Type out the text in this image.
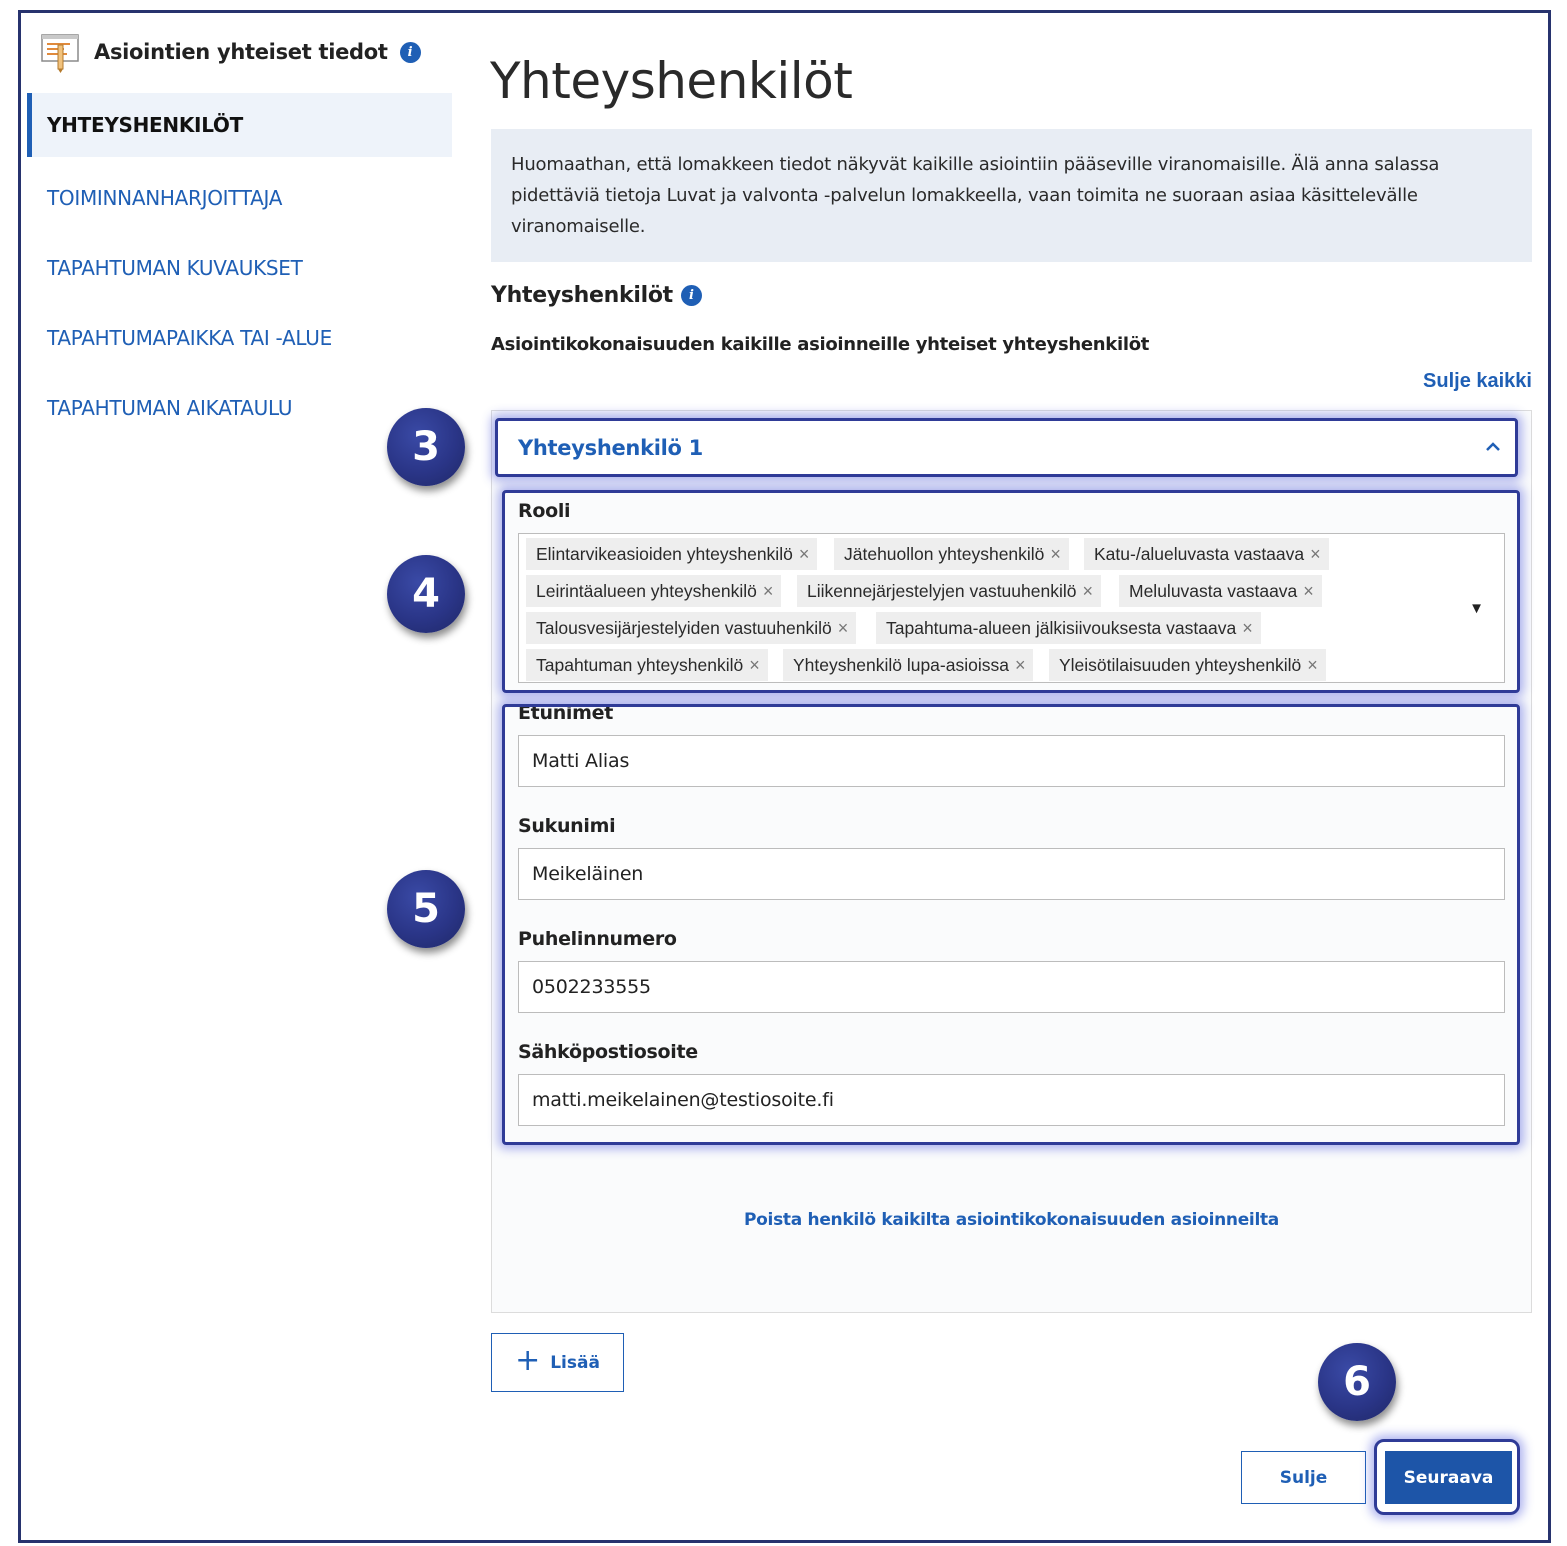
Asiointien yhteiset tiedot	i
YHTEYSHENKILÖT
TOIMINNANHARJOITTAJA
TAPAHTUMAN KUVAUKSET
TAPAHTUMAPAIKKA TAI -ALUE
TAPAHTUMAN AIKATAULU
Yhteyshenkilöt
Huomaathan, että lomakkeen tiedot näkyvät kaikille asiointiin pääseville viranomaisille. Älä anna salassa pidettäviä tietoja Luvat ja valvonta -palvelun lomakkeella, vaan toimita ne suoraan asiaa käsittelevälle viranomaiselle.
Yhteyshenkilöt	i
Asiointikokonaisuuden kaikille asioinneille yhteiset yhteyshenkilöt
Sulje kaikki
Yhteyshenkilö 1
Rooli
Elintarvikeasioiden yhteyshenkilö × Jätehuollon yhteyshenkilö × Katu-/alueluvasta vastaava ×
Leirintäalueen yhteyshenkilö × Liikennejärjestelyjen vastuuhenkilö × Meluluvasta vastaava ×
Talousvesijärjestelyiden vastuuhenkilö × Tapahtuma-alueen jälkisiivouksesta vastaava ×
Tapahtuman yhteyshenkilö × Yhteyshenkilö lupa-asioissa × Yleisötilaisuuden yhteyshenkilö ×
▼
Etunimet
Matti Alias
Sukunimi
Meikeläinen
Puhelinnumero
0502233555
Sähköpostiosoite
matti.meikelainen@testiosoite.fi
Poista henkilö kaikilta asiointikokonaisuuden asioinneilta
+ Lisää
Sulje	Seuraava
3
4
5
6
